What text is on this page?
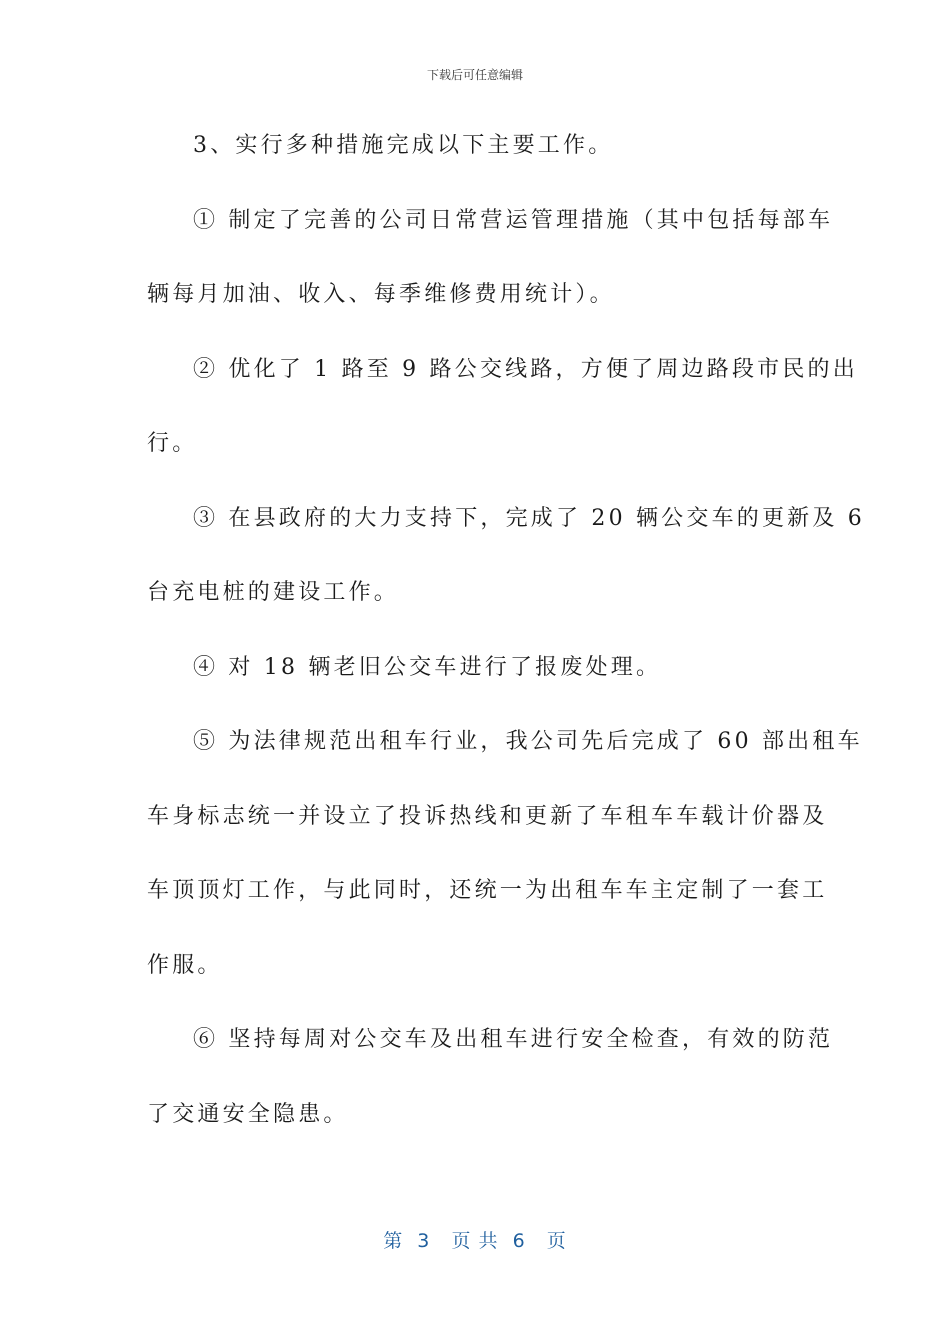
下载后可任意编辑
3、实行多种措施完成以下主要工作。
① 制定了完善的公司日常营运管理措施（其中包括每部车
辆每月加油、收入、每季维修费用统计）。
② 优化了 1 路至 9 路公交线路，方便了周边路段市民的出
行。
③ 在县政府的大力支持下，完成了 20 辆公交车的更新及 6
台充电桩的建设工作。
④ 对 18 辆老旧公交车进行了报废处理。
⑤ 为法律规范出租车行业，我公司先后完成了 60 部出租车
车身标志统一并设立了投诉热线和更新了车租车车载计价器及
车顶顶灯工作，与此同时，还统一为出租车车主定制了一套工
作服。
⑥ 坚持每周对公交车及出租车进行安全检查，有效的防范
了交通安全隐患。
第  3   页 共  6   页
